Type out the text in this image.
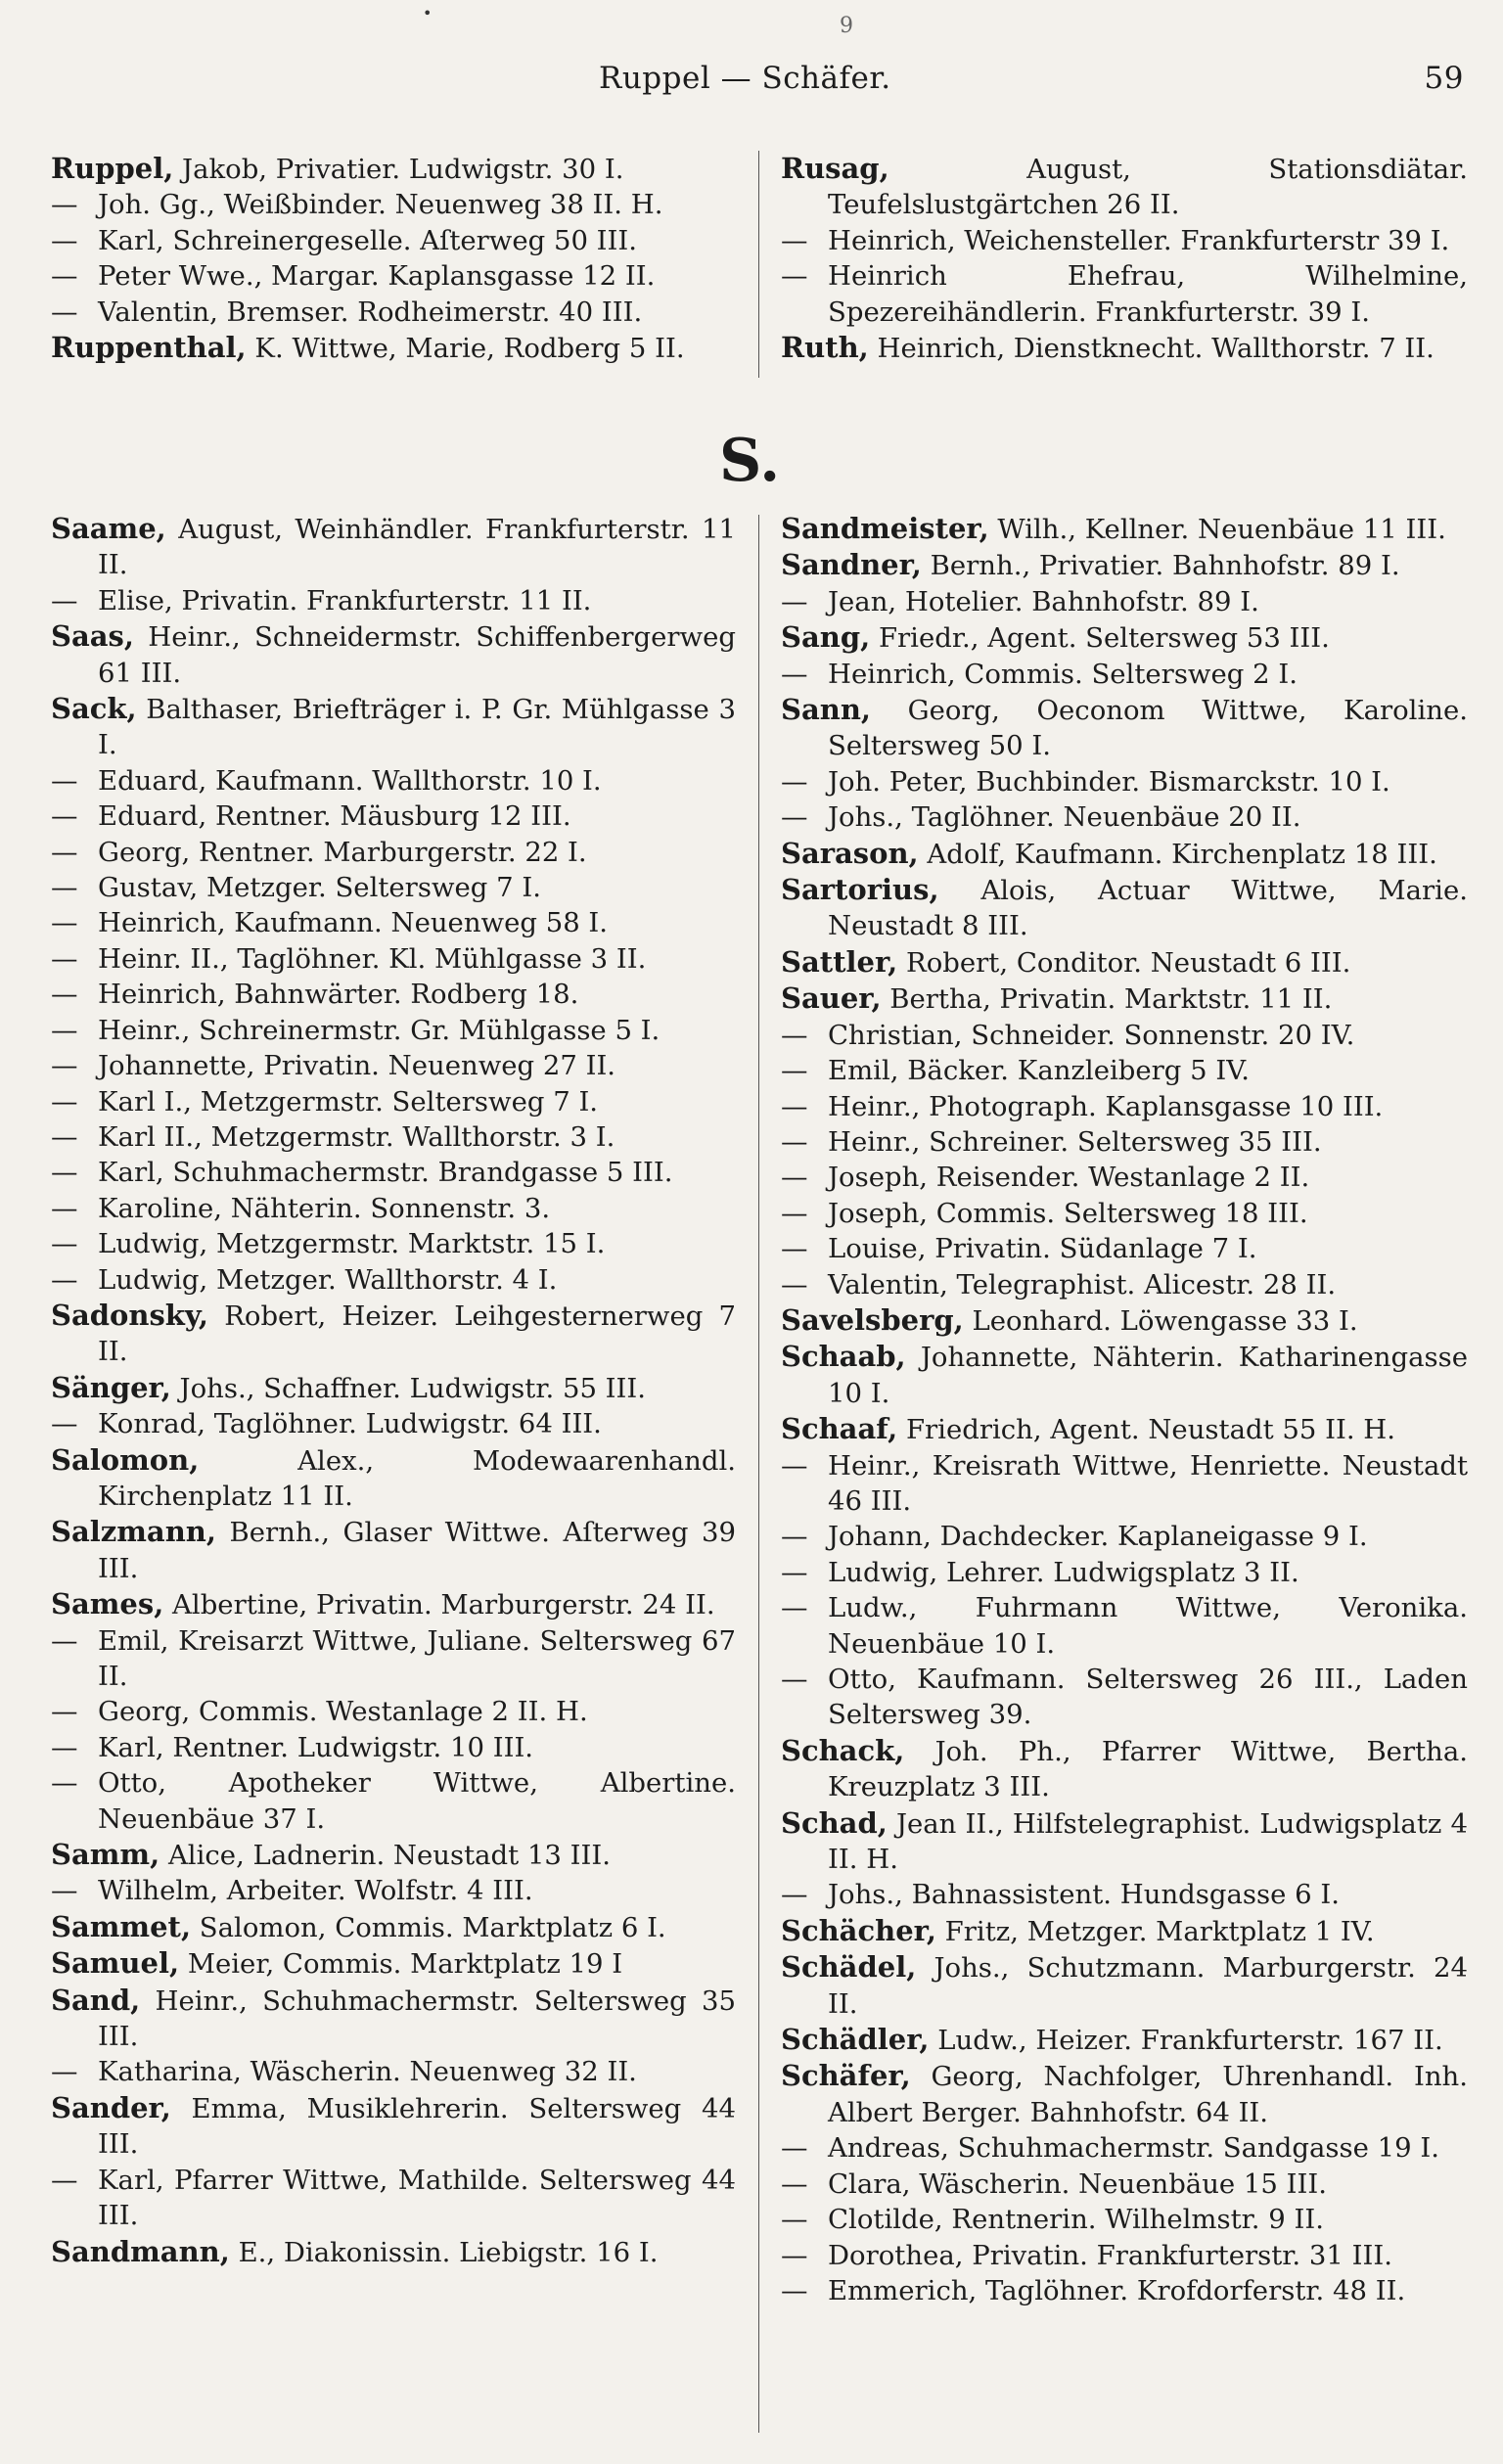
•
9
Ruppel — Schäfer.	59
Ruppel, Jakob, Privatier. Ludwigstr. 30 I.
— Joh. Gg., Weißbinder. Neuenweg 38 II. H.
— Karl, Schreinergeselle. Aſterweg 50 III.
— Peter Wwe., Margar. Kaplansgasse 12 II.
— Valentin, Bremser. Rodheimerstr. 40 III.
Ruppenthal, K. Wittwe, Marie, Rodberg 5 II.
Rusag, August, Stationsdiätar. Teufelslustgärtchen 26 II.
— Heinrich, Weichensteller. Frankfurterstr 39 I.
— Heinrich Ehefrau, Wilhelmine, Spezereihändlerin. Frankfurterstr. 39 I.
Ruth, Heinrich, Dienstknecht. Wallthorstr. 7 II.
S.
Saame, August, Weinhändler. Frankfurterstr. 11 II.
— Elise, Privatin. Frankfurterstr. 11 II.
Saas, Heinr., Schneidermstr. Schiffenbergerweg 61 III.
Sack, Balthaser, Briefträger i. P. Gr. Mühlgasse 3 I.
— Eduard, Kaufmann. Wallthorstr. 10 I.
— Eduard, Rentner. Mäusburg 12 III.
— Georg, Rentner. Marburgerstr. 22 I.
— Gustav, Metzger. Seltersweg 7 I.
— Heinrich, Kaufmann. Neuenweg 58 I.
— Heinr. II., Taglöhner. Kl. Mühlgasse 3 II.
— Heinrich, Bahnwärter. Rodberg 18.
— Heinr., Schreinermstr. Gr. Mühlgasse 5 I.
— Johannette, Privatin. Neuenweg 27 II.
— Karl I., Metzgermstr. Seltersweg 7 I.
— Karl II., Metzgermstr. Wallthorstr. 3 I.
— Karl, Schuhmachermstr. Brandgasse 5 III.
— Karoline, Nähterin. Sonnenstr. 3.
— Ludwig, Metzgermstr. Marktstr. 15 I.
— Ludwig, Metzger. Wallthorstr. 4 I.
Sadonsky, Robert, Heizer. Leihgesternerweg 7 II.
Sänger, Johs., Schaffner. Ludwigstr. 55 III.
— Konrad, Taglöhner. Ludwigstr. 64 III.
Salomon, Alex., Modewaarenhandl. Kirchenplatz 11 II.
Salzmann, Bernh., Glaser Wittwe. Aſterweg 39 III.
Sames, Albertine, Privatin. Marburgerstr. 24 II.
— Emil, Kreisarzt Wittwe, Juliane. Seltersweg 67 II.
— Georg, Commis. Westanlage 2 II. H.
— Karl, Rentner. Ludwigstr. 10 III.
— Otto, Apotheker Wittwe, Albertine. Neuenbäue 37 I.
Samm, Alice, Ladnerin. Neustadt 13 III.
— Wilhelm, Arbeiter. Wolfstr. 4 III.
Sammet, Salomon, Commis. Marktplatz 6 I.
Samuel, Meier, Commis. Marktplatz 19 I
Sand, Heinr., Schuhmachermstr. Seltersweg 35 III.
— Katharina, Wäscherin. Neuenweg 32 II.
Sander, Emma, Musiklehrerin. Seltersweg 44 III.
— Karl, Pfarrer Wittwe, Mathilde. Seltersweg 44 III.
Sandmann, E., Diakonissin. Liebigstr. 16 I.
Sandmeister, Wilh., Kellner. Neuenbäue 11 III.
Sandner, Bernh., Privatier. Bahnhofstr. 89 I.
— Jean, Hotelier. Bahnhofstr. 89 I.
Sang, Friedr., Agent. Seltersweg 53 III.
— Heinrich, Commis. Seltersweg 2 I.
Sann, Georg, Oeconom Wittwe, Karoline. Seltersweg 50 I.
— Joh. Peter, Buchbinder. Bismarckstr. 10 I.
— Johs., Taglöhner. Neuenbäue 20 II.
Sarason, Adolf, Kaufmann. Kirchenplatz 18 III.
Sartorius, Alois, Actuar Wittwe, Marie. Neustadt 8 III.
Sattler, Robert, Conditor. Neustadt 6 III.
Sauer, Bertha, Privatin. Marktstr. 11 II.
— Christian, Schneider. Sonnenstr. 20 IV.
— Emil, Bäcker. Kanzleiberg 5 IV.
— Heinr., Photograph. Kaplansgasse 10 III.
— Heinr., Schreiner. Seltersweg 35 III.
— Joseph, Reisender. Westanlage 2 II.
— Joseph, Commis. Seltersweg 18 III.
— Louise, Privatin. Südanlage 7 I.
— Valentin, Telegraphist. Alicestr. 28 II.
Savelsberg, Leonhard. Löwengasse 33 I.
Schaab, Johannette, Nähterin. Katharinengasse 10 I.
Schaaf, Friedrich, Agent. Neustadt 55 II. H.
— Heinr., Kreisrath Wittwe, Henriette. Neustadt 46 III.
— Johann, Dachdecker. Kaplaneigasse 9 I.
— Ludwig, Lehrer. Ludwigsplatz 3 II.
— Ludw., Fuhrmann Wittwe, Veronika. Neuenbäue 10 I.
— Otto, Kaufmann. Seltersweg 26 III., Laden Seltersweg 39.
Schack, Joh. Ph., Pfarrer Wittwe, Bertha. Kreuzplatz 3 III.
Schad, Jean II., Hilfstelegraphist. Ludwigsplatz 4 II. H.
— Johs., Bahnassistent. Hundsgasse 6 I.
Schächer, Fritz, Metzger. Marktplatz 1 IV.
Schädel, Johs., Schutzmann. Marburgerstr. 24 II.
Schädler, Ludw., Heizer. Frankfurterstr. 167 II.
Schäfer, Georg, Nachfolger, Uhrenhandl. Inh. Albert Berger. Bahnhofstr. 64 II.
— Andreas, Schuhmachermstr. Sandgasse 19 I.
— Clara, Wäscherin. Neuenbäue 15 III.
— Clotilde, Rentnerin. Wilhelmstr. 9 II.
— Dorothea, Privatin. Frankfurterstr. 31 III.
— Emmerich, Taglöhner. Krofdorferstr. 48 II.
